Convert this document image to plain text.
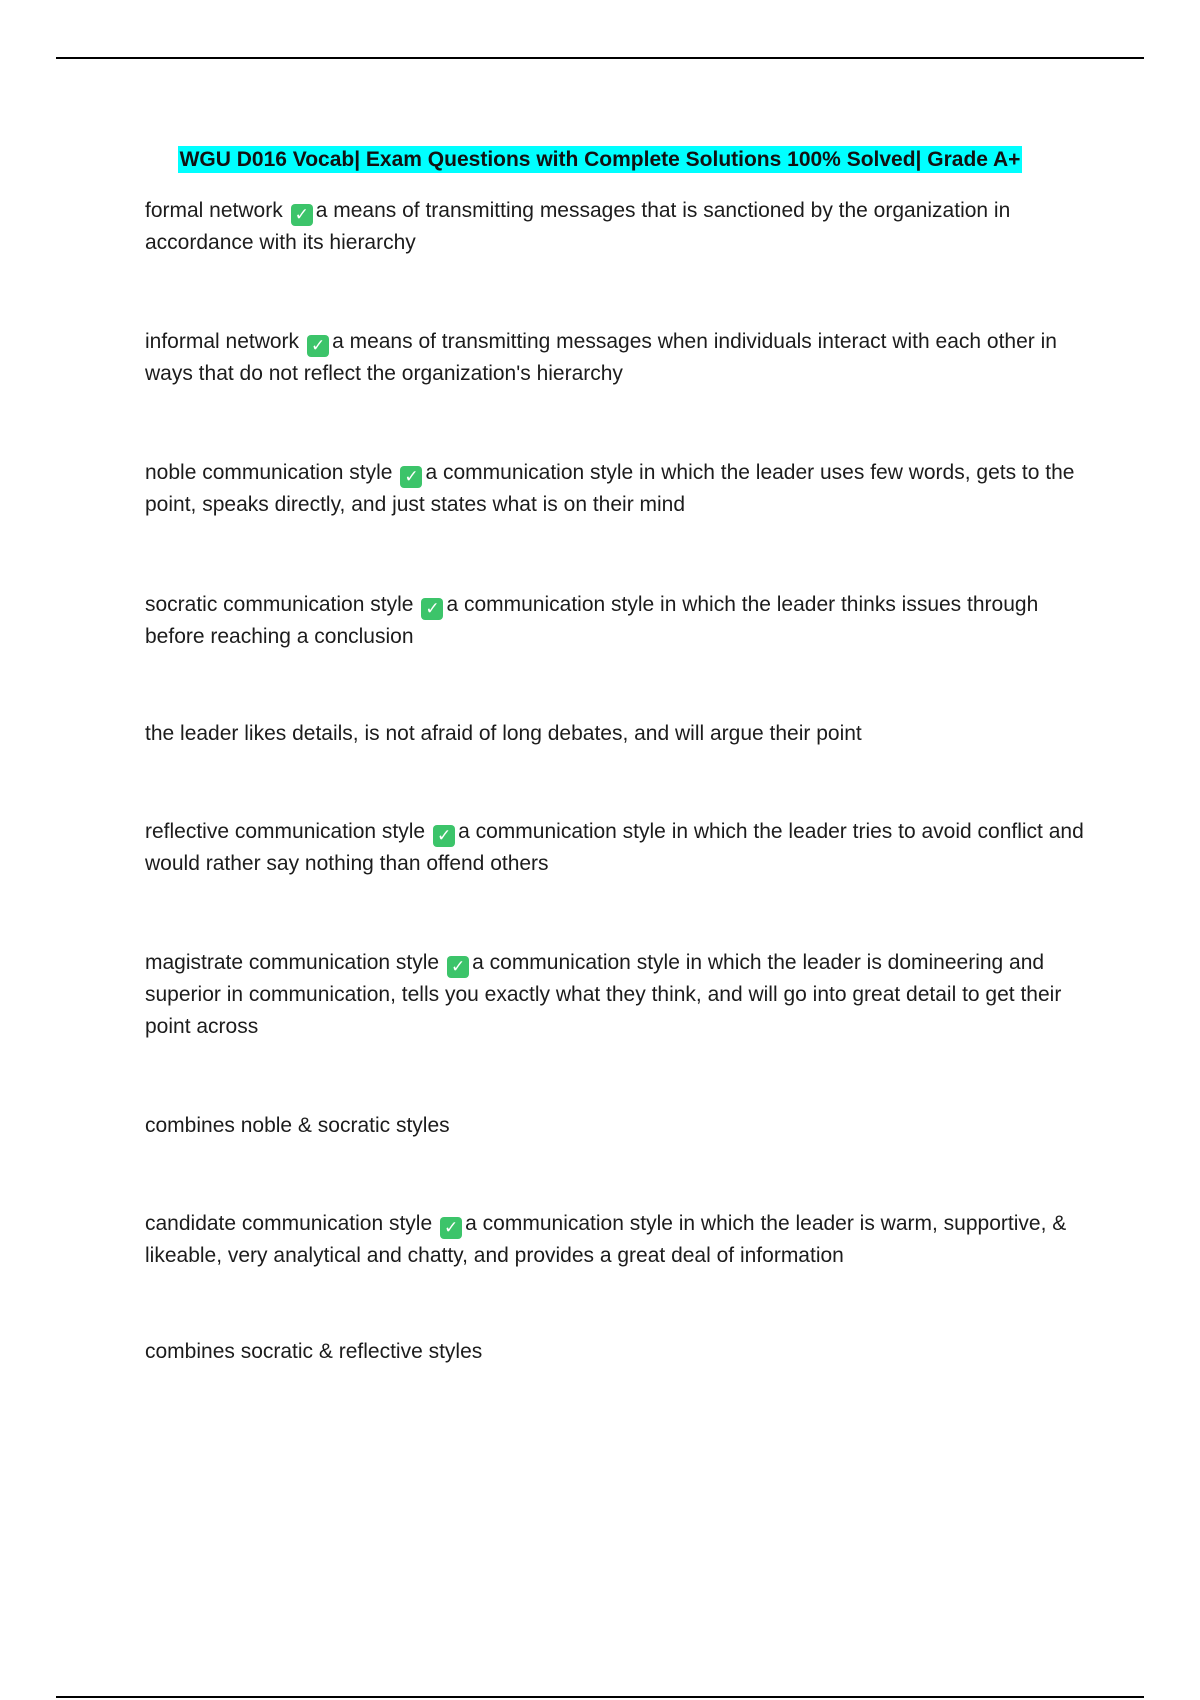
WGU D016 Vocab| Exam Questions with Complete Solutions 100% Solved| Grade A+
formal network ✓ a means of transmitting messages that is sanctioned by the organization in accordance with its hierarchy
informal network ✓ a means of transmitting messages when individuals interact with each other in ways that do not reflect the organization's hierarchy
noble communication style ✓ a communication style in which the leader uses few words, gets to the point, speaks directly, and just states what is on their mind
socratic communication style ✓ a communication style in which the leader thinks issues through before reaching a conclusion
the leader likes details, is not afraid of long debates, and will argue their point
reflective communication style ✓ a communication style in which the leader tries to avoid conflict and would rather say nothing than offend others
magistrate communication style ✓ a communication style in which the leader is domineering and superior in communication, tells you exactly what they think, and will go into great detail to get their point across
combines noble & socratic styles
candidate communication style ✓ a communication style in which the leader is warm, supportive, & likeable, very analytical and chatty, and provides a great deal of information
combines socratic & reflective styles
